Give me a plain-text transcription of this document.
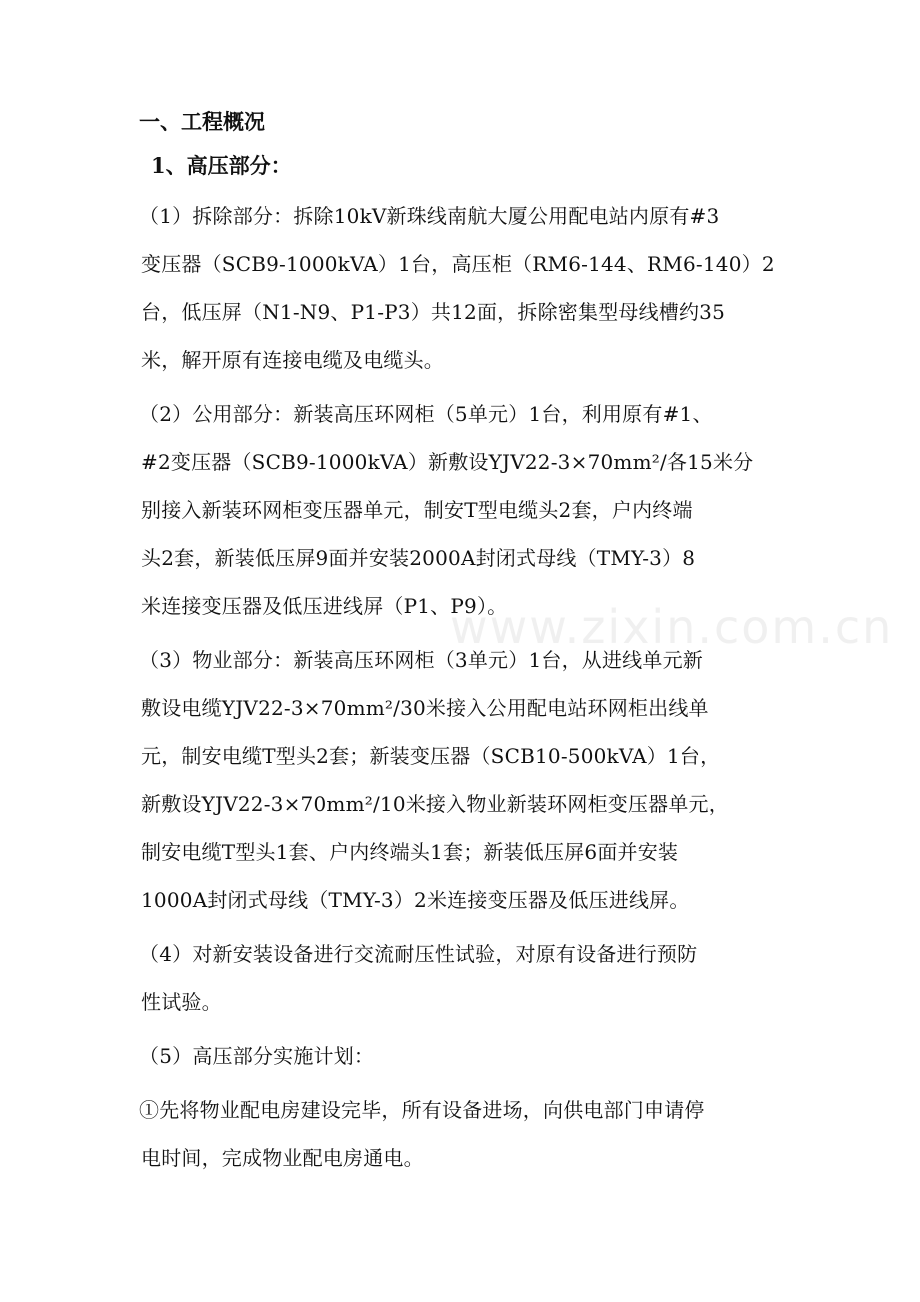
www.zixin.com.cn
一、工程概况
1、高压部分：
（1）拆除部分：拆除10kV新珠线南航大厦公用配电站内原有#3
变压器（SCB9-1000kVA）1台，高压柜（RM6-144、RM6-140）2
台，低压屏（N1-N9、P1-P3）共12面，拆除密集型母线槽约35
米，解开原有连接电缆及电缆头。
（2）公用部分：新装高压环网柜（5单元）1台，利用原有#1、
#2变压器（SCB9-1000kVA）新敷设YJV22-3×70mm²/各15米分
别接入新装环网柜变压器单元，制安T型电缆头2套，户内终端
头2套，新装低压屏9面并安装2000A封闭式母线（TMY-3）8
米连接变压器及低压进线屏（P1、P9）。
（3）物业部分：新装高压环网柜（3单元）1台，从进线单元新
敷设电缆YJV22-3×70mm²/30米接入公用配电站环网柜出线单
元，制安电缆T型头2套；新装变压器（SCB10-500kVA）1台，
新敷设YJV22-3×70mm²/10米接入物业新装环网柜变压器单元，
制安电缆T型头1套、户内终端头1套；新装低压屏6面并安装
1000A封闭式母线（TMY-3）2米连接变压器及低压进线屏。
（4）对新安装设备进行交流耐压性试验，对原有设备进行预防
性试验。
（5）高压部分实施计划：
①先将物业配电房建设完毕，所有设备进场，向供电部门申请停
电时间，完成物业配电房通电。
